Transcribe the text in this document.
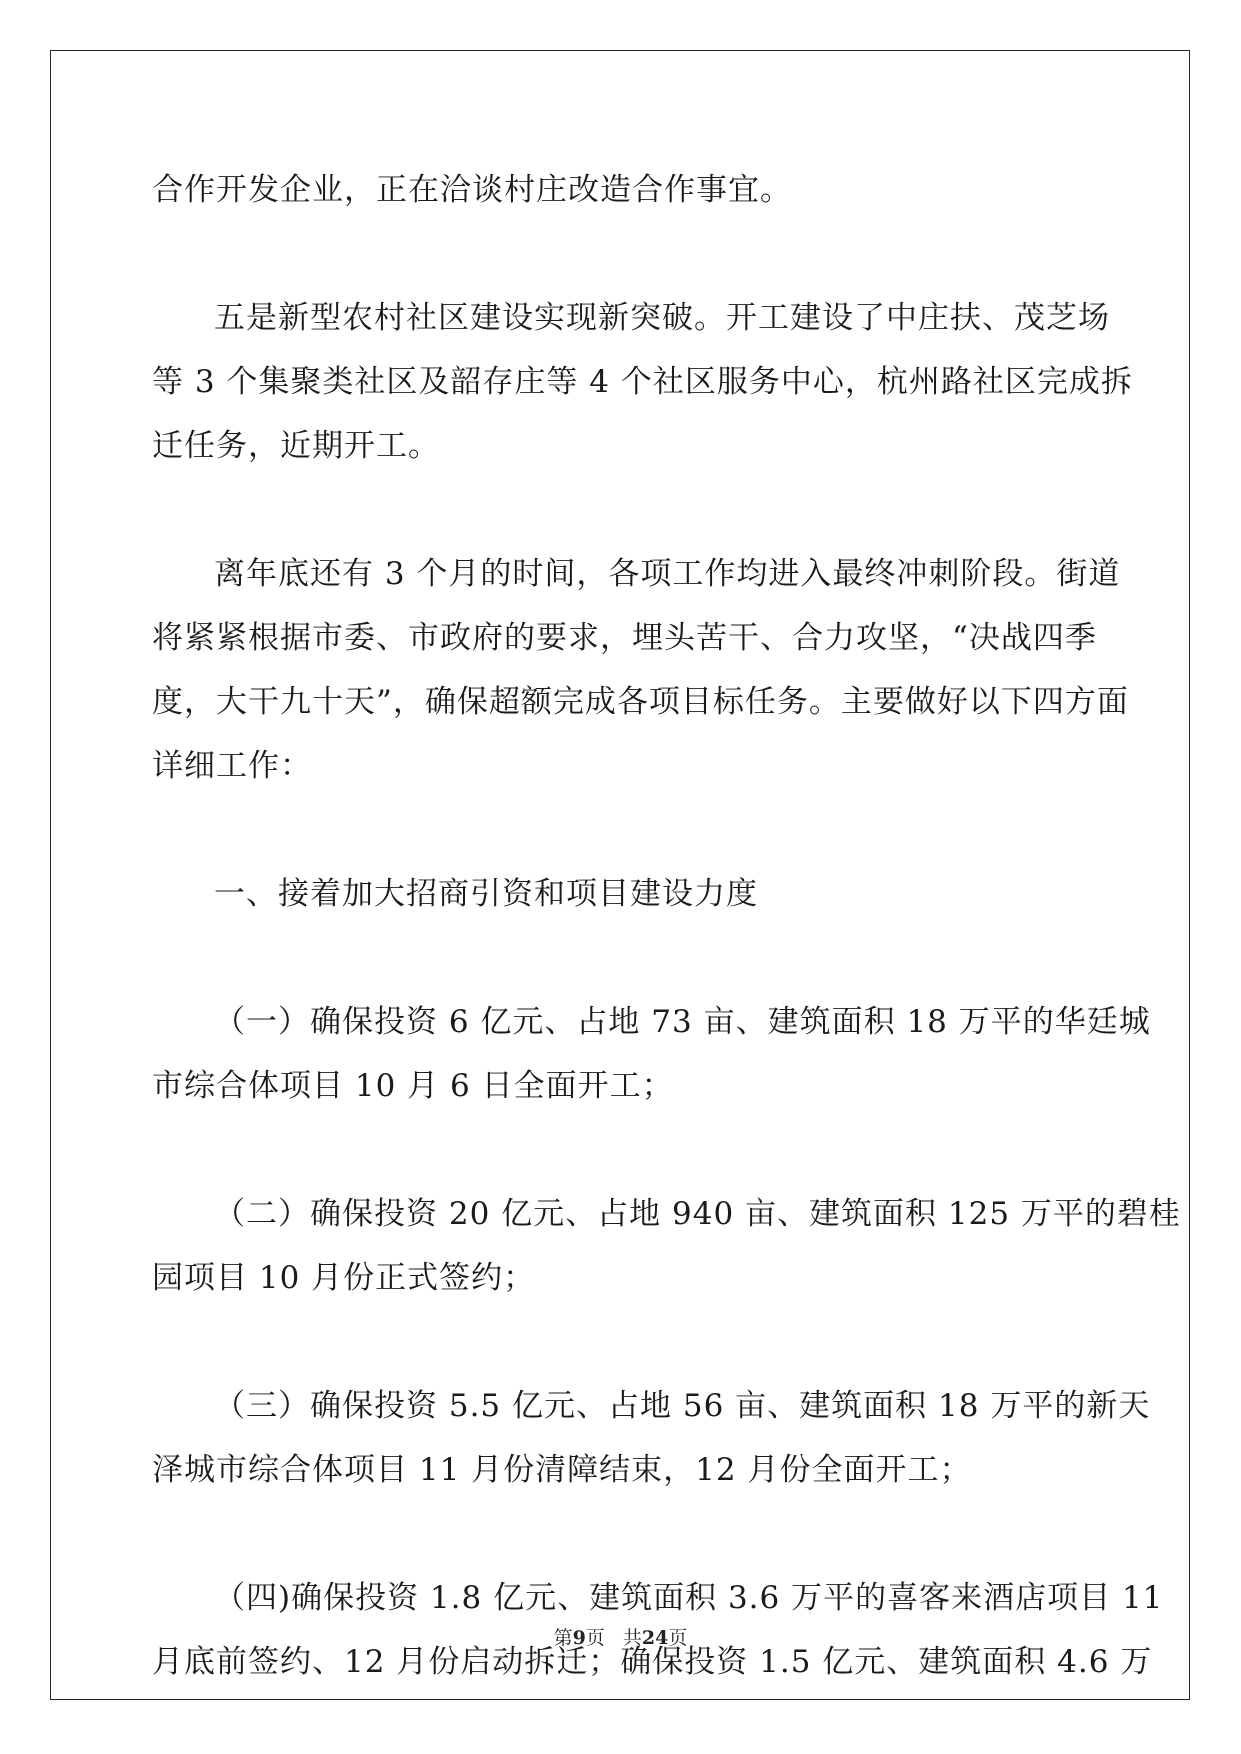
合作开发企业，正在洽谈村庄改造合作事宜。
五是新型农村社区建设实现新突破。开工建设了中庄扶、茂芝场
等 3 个集聚类社区及韶存庄等 4 个社区服务中心，杭州路社区完成拆
迁任务，近期开工。
离年底还有 3 个月的时间，各项工作均进入最终冲刺阶段。街道
将紧紧根据市委、市政府的要求，埋头苦干、合力攻坚，“决战四季
度，大干九十天”，确保超额完成各项目标任务。主要做好以下四方面
详细工作：
一、接着加大招商引资和项目建设力度
（一）确保投资 6 亿元、占地 73 亩、建筑面积 18 万平的华廷城
市综合体项目 10 月 6 日全面开工；
（二）确保投资 20 亿元、占地 940 亩、建筑面积 125 万平的碧桂
园项目 10 月份正式签约；
（三）确保投资 5.5 亿元、占地 56 亩、建筑面积 18 万平的新天
泽城市综合体项目 11 月份清障结束，12 月份全面开工；
（四)确保投资 1.8 亿元、建筑面积 3.6 万平的喜客来酒店项目 11
月底前签约、12 月份启动拆迁；确保投资 1.5 亿元、建筑面积 4.6 万
第9页 共24页
